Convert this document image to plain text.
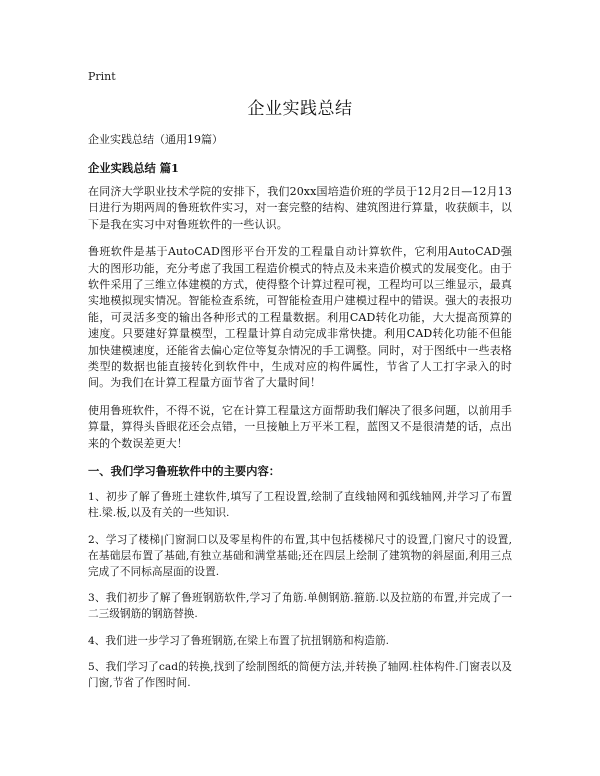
Print
企业实践总结

企业实践总结（通用19篇）

企业实践总结 篇1

在同济大学职业技术学院的安排下，我们20xx国培造价班的学员于12月2日—12月13日进行为期两周的鲁班软件实习，对一套完整的结构、建筑图进行算量，收获颇丰，以下是我在实习中对鲁班软件的一些认识。

鲁班软件是基于AutoCAD图形平台开发的工程量自动计算软件，它利用AutoCAD强大的图形功能，充分考虑了我国工程造价模式的特点及未来造价模式的发展变化。由于软件采用了三维立体建模的方式，使得整个计算过程可视，工程均可以三维显示，最真实地模拟现实情况。智能检查系统，可智能检查用户建模过程中的错误。强大的表报功能，可灵活多变的输出各种形式的工程量数据。利用CAD转化功能，大大提高预算的速度。只要建好算量模型，工程量计算自动完成非常快捷。利用CAD转化功能不但能加快建模速度，还能省去偏心定位等复杂情况的手工调整。同时，对于图纸中一些表格类型的数据也能直接转化到软件中，生成对应的构件属性，节省了人工打字录入的时间。为我们在计算工程量方面节省了大量时间！

使用鲁班软件，不得不说，它在计算工程量这方面帮助我们解决了很多问题，以前用手算量，算得头昏眼花还会点错，一旦接触上万平米工程，蓝图又不是很清楚的话，点出来的个数误差更大！

一、我们学习鲁班软件中的主要内容：

1、初步了解了鲁班土建软件,填写了工程设置,绘制了直线轴网和弧线轴网,并学习了布置柱.梁.板,以及有关的一些知识.

2、学习了楼梯|门窗洞口以及零星构件的布置,其中包括楼梯尺寸的设置,门窗尺寸的设置,在基础层布置了基础,有独立基础和满堂基础;还在四层上绘制了建筑物的斜屋面,利用三点完成了不同标高屋面的设置.

3、我们初步了解了鲁班钢筋软件,学习了角筋.单侧钢筋.箍筋.以及拉筋的布置,并完成了一二三级钢筋的钢筋替换.

4、我们进一步学习了鲁班钢筋,在梁上布置了抗扭钢筋和构造筋.

5、我们学习了cad的转换,找到了绘制图纸的简便方法,并转换了轴网.柱体构件.门窗表以及门窗,节省了作图时间.
